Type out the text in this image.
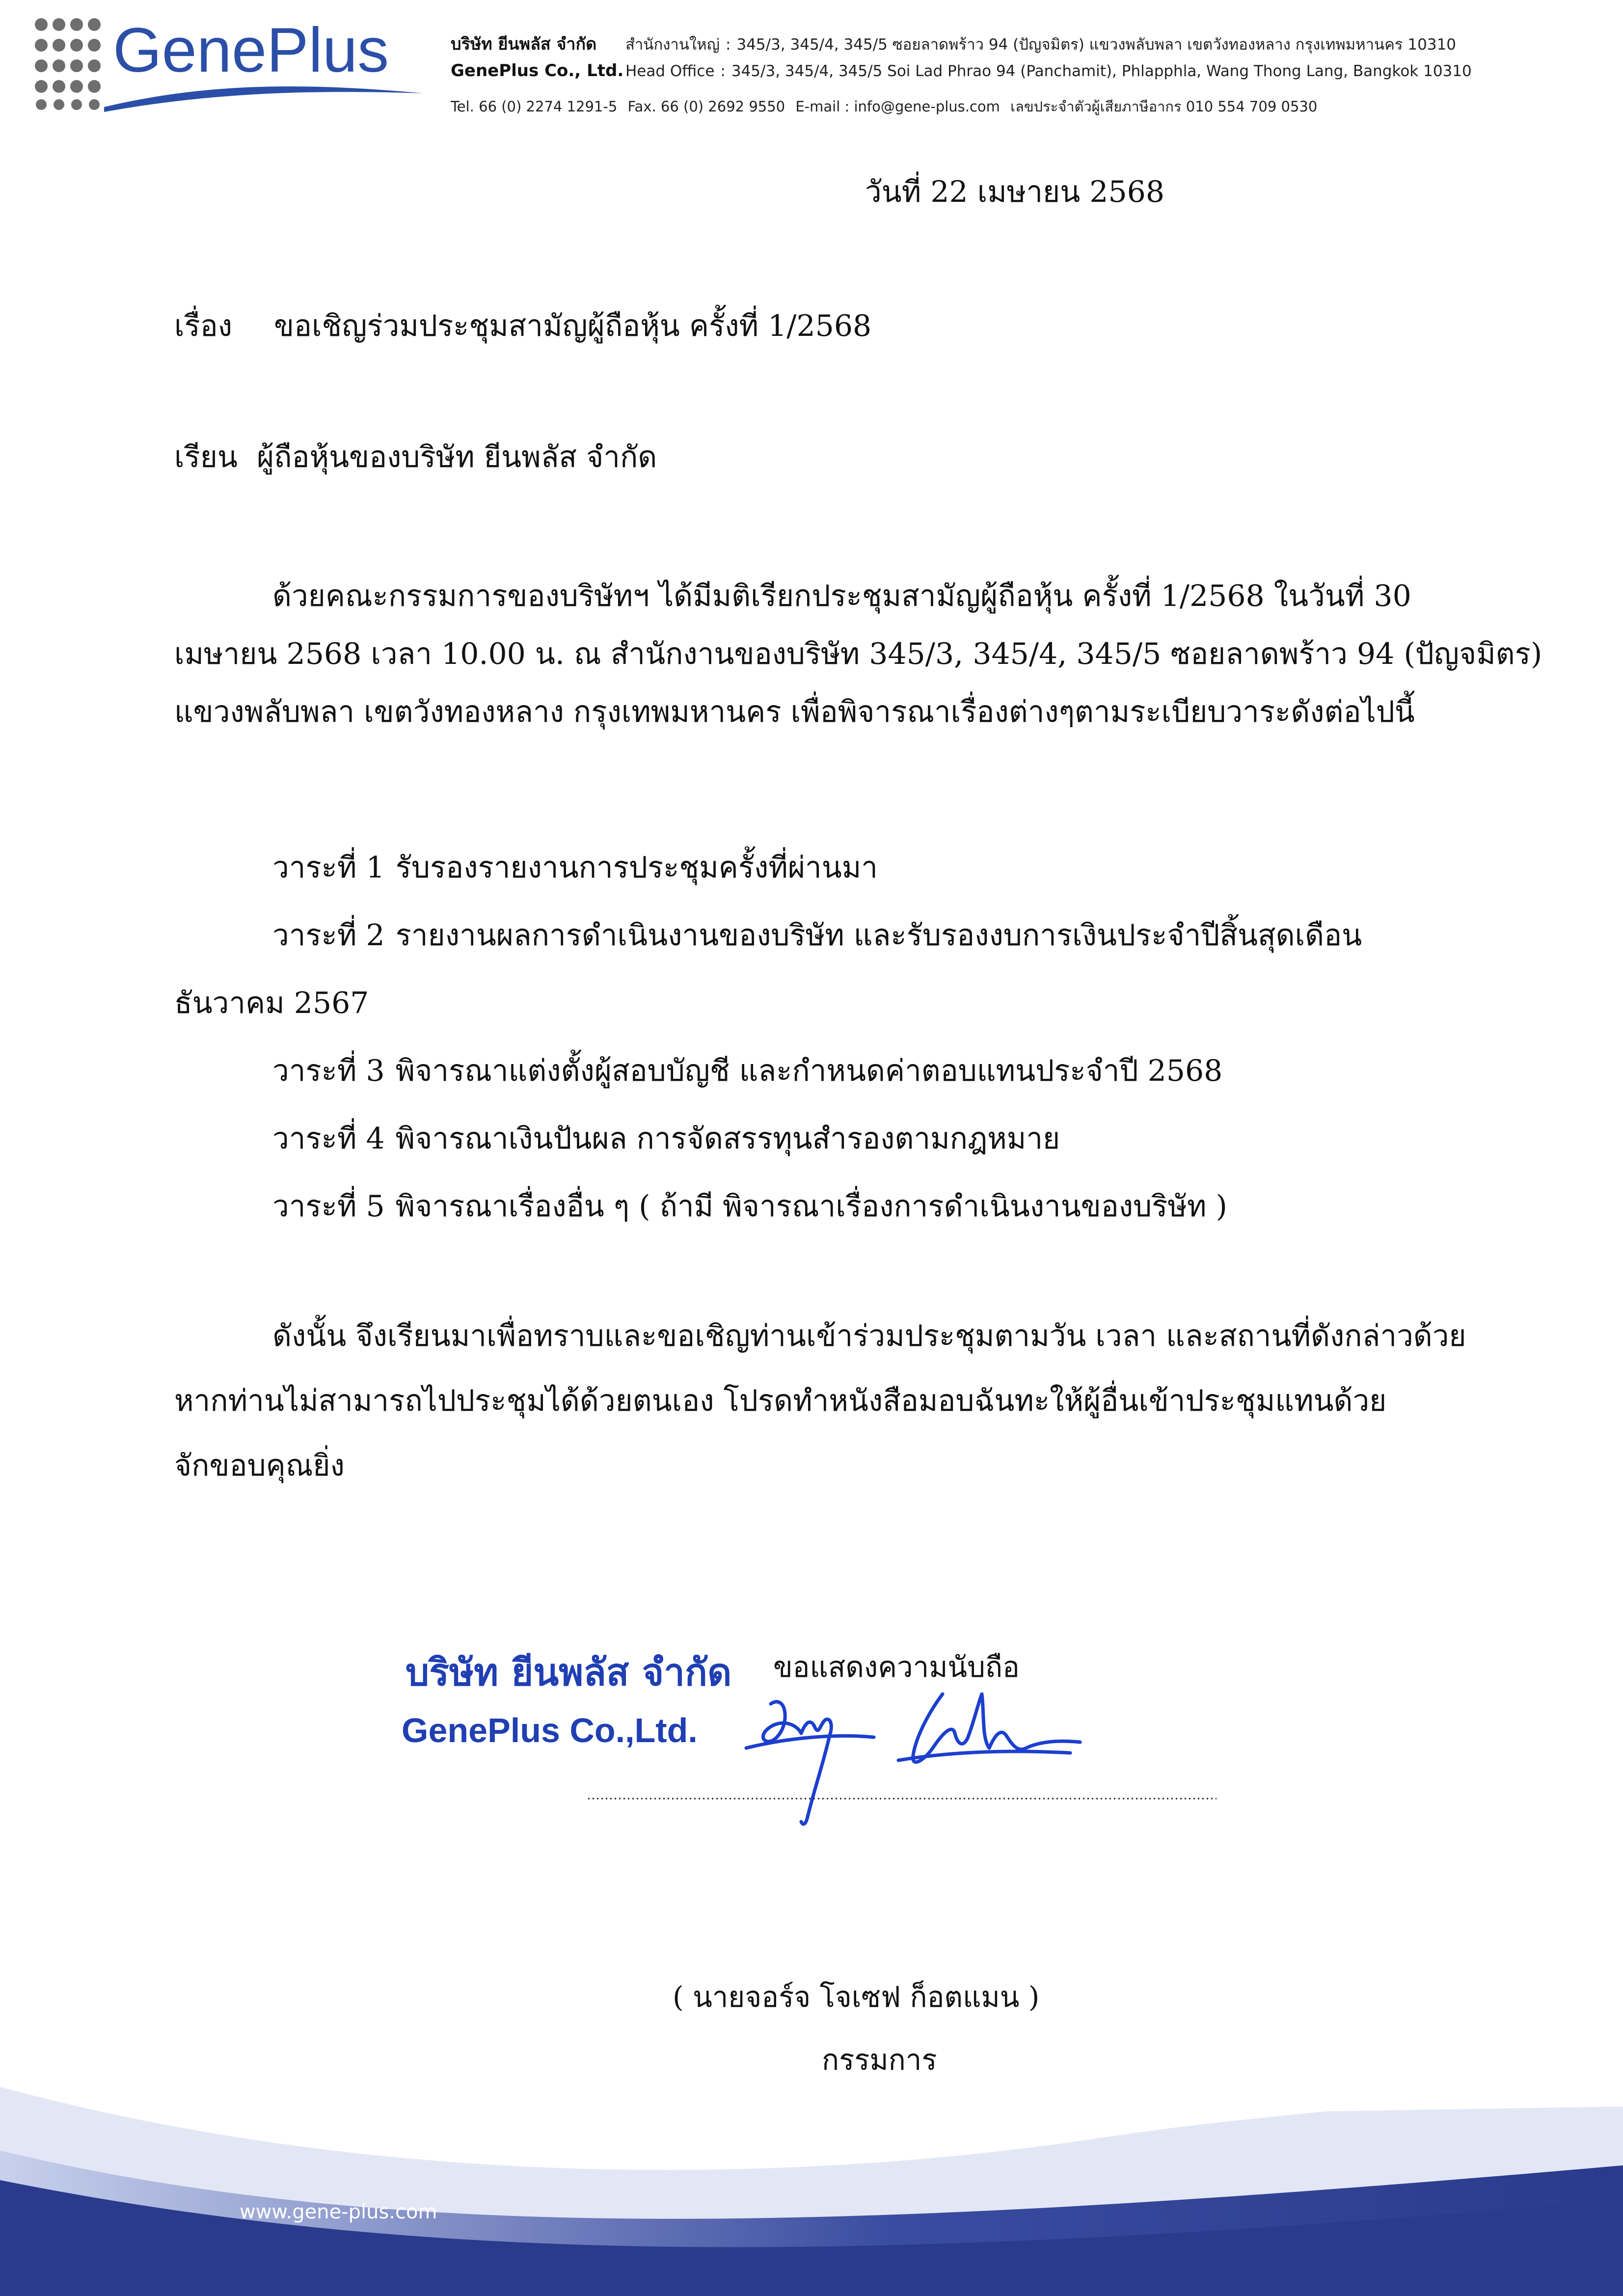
GenePlus	บริษัท ยีนพลัส จำกัด	สำนักงานใหญ่ : 345/3, 345/4, 345/5 ซอยลาดพร้าว 94 (ปัญจมิตร) แขวงพลับพลา เขตวังทองหลาง กรุงเทพมหานคร 10310
GenePlus Co., Ltd. Head Office : 345/3, 345/4, 345/5 Soi Lad Phrao 94 (Panchamit), Phlapphla, Wang Thong Lang, Bangkok 10310
Tel. 66 (0) 2274 1291-5 Fax. 66 (0) 2692 9550 E-mail : info@gene-plus.com เลขประจำตัวผู้เสียภาษีอากร 010 554 709 0530
วันที่ 22 เมษายน 2568
เรื่อง ขอเชิญร่วมประชุมสามัญผู้ถือหุ้น ครั้งที่ 1/2568
เรียน ผู้ถือหุ้นของบริษัท ยีนพลัส จำกัด
ด้วยคณะกรรมการของบริษัทฯ ได้มีมติเรียกประชุมสามัญผู้ถือหุ้น ครั้งที่ 1/2568 ในวันที่ 30
เมษายน 2568 เวลา 10.00 น. ณ สำนักงานของบริษัท 345/3, 345/4, 345/5 ซอยลาดพร้าว 94 (ปัญจมิตร)
แขวงพลับพลา เขตวังทองหลาง กรุงเทพมหานคร เพื่อพิจารณาเรื่องต่างๆตามระเบียบวาระดังต่อไปนี้
วาระที่ 1 รับรองรายงานการประชุมครั้งที่ผ่านมา
วาระที่ 2 รายงานผลการดำเนินงานของบริษัท และรับรองงบการเงินประจำปีสิ้นสุดเดือน
ธันวาคม 2567
วาระที่ 3 พิจารณาแต่งตั้งผู้สอบบัญชี และกำหนดค่าตอบแทนประจำปี 2568
วาระที่ 4 พิจารณาเงินปันผล การจัดสรรทุนสำรองตามกฎหมาย
วาระที่ 5 พิจารณาเรื่องอื่น ๆ ( ถ้ามี พิจารณาเรื่องการดำเนินงานของบริษัท )
ดังนั้น จึงเรียนมาเพื่อทราบและขอเชิญท่านเข้าร่วมประชุมตามวัน เวลา และสถานที่ดังกล่าวด้วย
หากท่านไม่สามารถไปประชุมได้ด้วยตนเอง โปรดทำหนังสือมอบฉันทะให้ผู้อื่นเข้าประชุมแทนด้วย
จักขอบคุณยิ่ง
บริษัท ยีนพลัส จำกัด
GenePlus Co.,Ltd.
ขอแสดงความนับถือ
( นายจอร์จ โจเซฟ ก็อตแมน )
กรรมการ
www.gene-plus.com
